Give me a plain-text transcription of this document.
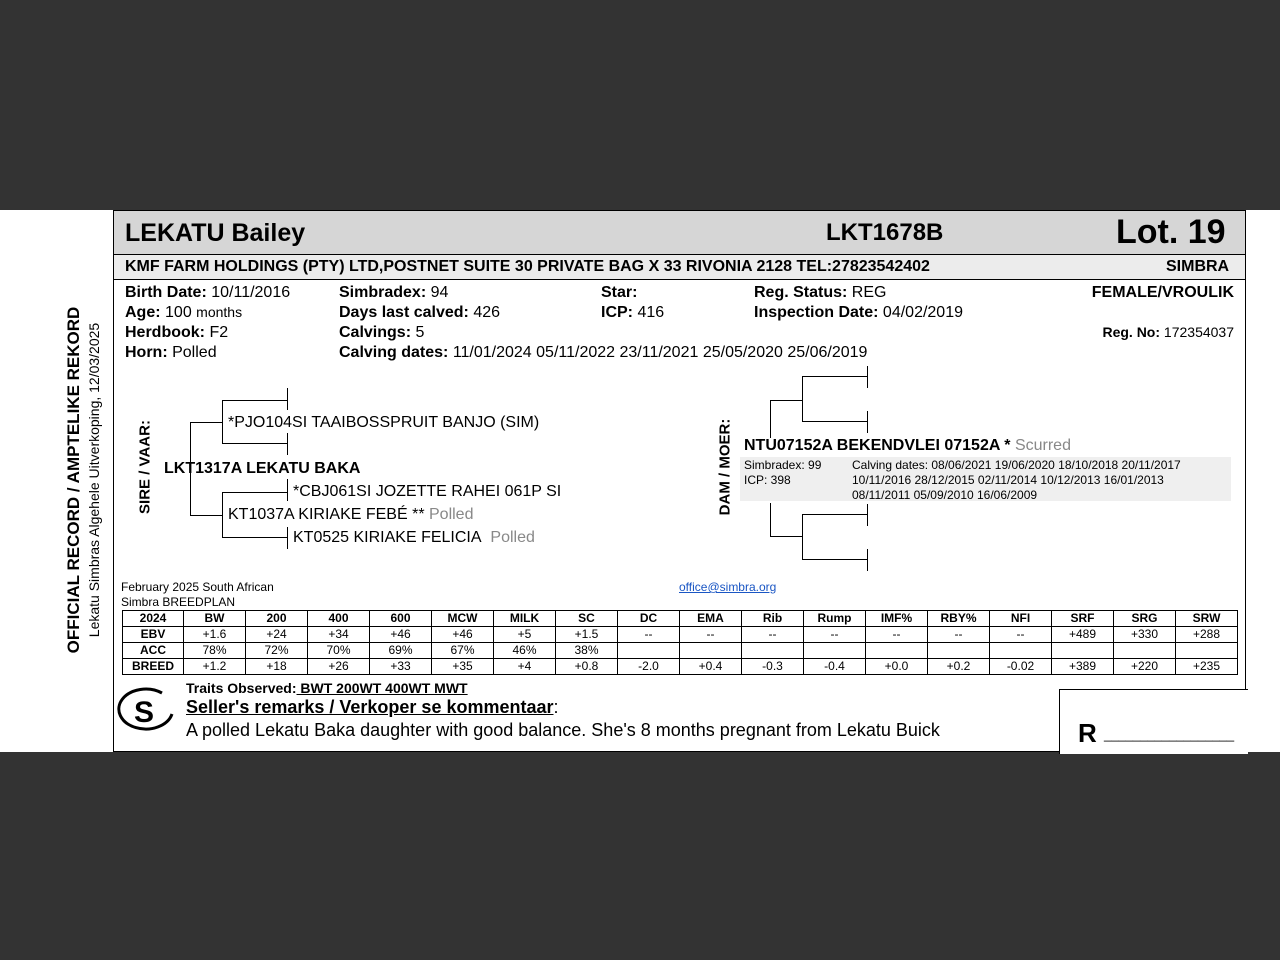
OFFICIAL RECORD / AMPTELIKE REKORD Lekatu Simbras Algehele Uitverkoping, 12/03/2025
LEKATU Bailey	LKT1678B	Lot. 19
KMF FARM HOLDINGS (PTY) LTD,POSTNET SUITE 30 PRIVATE BAG X 33 RIVONIA 2128 TEL:27823542402	SIMBRA
Birth Date: 10/11/2016
Age: 100 months
Herdbook: F2
Horn: Polled
Simbradex: 94
Days last calved: 426
Calvings: 5
Calving dates: 11/01/2024 05/11/2022 23/11/2021 25/05/2020 25/06/2019
Star:
ICP: 416
Reg. Status: REG
Inspection Date: 04/02/2019
FEMALE/VROULIK
Reg. No: 172354037
SIRE / VAAR:	*PJO104SI TAAIBOSSPRUIT BANJO (SIM)
LKT1317A LEKATU BAKA
*CBJ061SI JOZETTE RAHEI 061P SI
KT1037A KIRIAKE FEBÉ ** Polled
KT0525 KIRIAKE FELICIA Polled
DAM / MOER: NTU07152A BEKENDVLEI 07152A * Scurred
Simbradex: 99
ICP: 398
Calving dates: 08/06/2021 19/06/2020 18/10/2018 20/11/2017
10/11/2016 28/12/2015 02/11/2014 10/12/2013 16/01/2013
08/11/2011 05/09/2010 16/06/2009
February 2025 South African
Simbra BREEDPLAN
office@simbra.org
2024	BW	200	400	600	MCW	MILK	SC	DC	EMA	Rib	Rump	IMF%	RBY%	NFI	SRF	SRG	SRW
EBV	+1.6	+24	+34	+46	+46	+5	+1.5	--	--	--	--	--	--	--	+489	+330	+288
ACC	78%	72%	70%	69%	67%	46%	38%										
BREED	+1.2	+18	+26	+33	+35	+4	+0.8	-2.0	+0.4	-0.3	-0.4	+0.0	+0.2	-0.02	+389	+220	+235
S
Traits Observed: BWT 200WT 400WT MWT
Seller's remarks / Verkoper se kommentaar:
A polled Lekatu Baka daughter with good balance. She's 8 months pregnant from Lekatu Buick	R __________________
